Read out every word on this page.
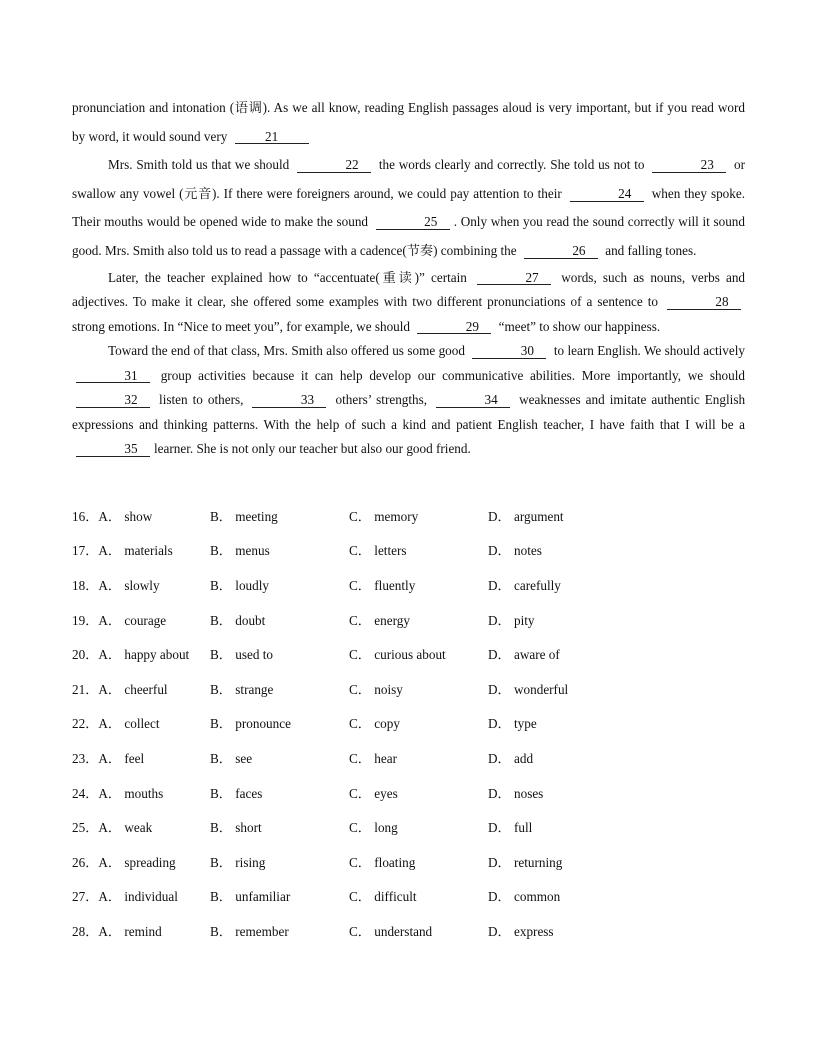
pronunciation and intonation (语调). As we all know, reading English passages aloud is very important, but if you read word by word, it would sound very	21

Mrs. Smith told us that we should	22 the words clearly and correctly. She told us not to	23 or swallow any vowel (元音). If there were foreigners around, we could pay attention to their	24 when they spoke. Their mouths would be opened wide to make the sound	25 . Only when you read the sound correctly will it sound good. Mrs. Smith also told us to read a passage with a cadence(节奏) combining the	26 and falling tones.

Later, the teacher explained how to “accentuate(重读)” certain	27 words, such as nouns, verbs and adjectives. To make it clear, she offered some examples with two different pronunciations of a sentence to	28 strong emotions. In “Nice to meet you”, for example, we should	29 “meet” to show our happiness.

Toward the end of that class, Mrs. Smith also offered us some good	30 to learn English. We should actively 31 group activities because it can help develop our communicative abilities. More importantly, we should 32 listen to others,	33 others’ strengths,	34 weaknesses and imitate authentic English expressions and thinking patterns. With the help of such a kind and patient English teacher, I have faith that I will be a 35 learner. She is not only our teacher but also our good friend.

16．A． show	B． meeting	C． memory	D． argument
17．A． materials	B． menus	C． letters	D． notes
18．A． slowly	B． loudly	C． fluently	D． carefully
19．A． courage	B． doubt	C． energy	D． pity
20．A． happy about	B． used to	C． curious about	D． aware of
21．A． cheerful	B． strange	C． noisy	D． wonderful
22．A． collect	B． pronounce	C． copy	D． type
23．A． feel	B． see	C． hear	D． add
24．A． mouths	B． faces	C． eyes	D． noses
25．A． weak	B． short	C． long	D． full
26．A． spreading	B． rising	C． floating	D． returning
27．A． individual	B． unfamiliar	C． difficult	D． common
28．A． remind	B． remember	C． understand	D． express
